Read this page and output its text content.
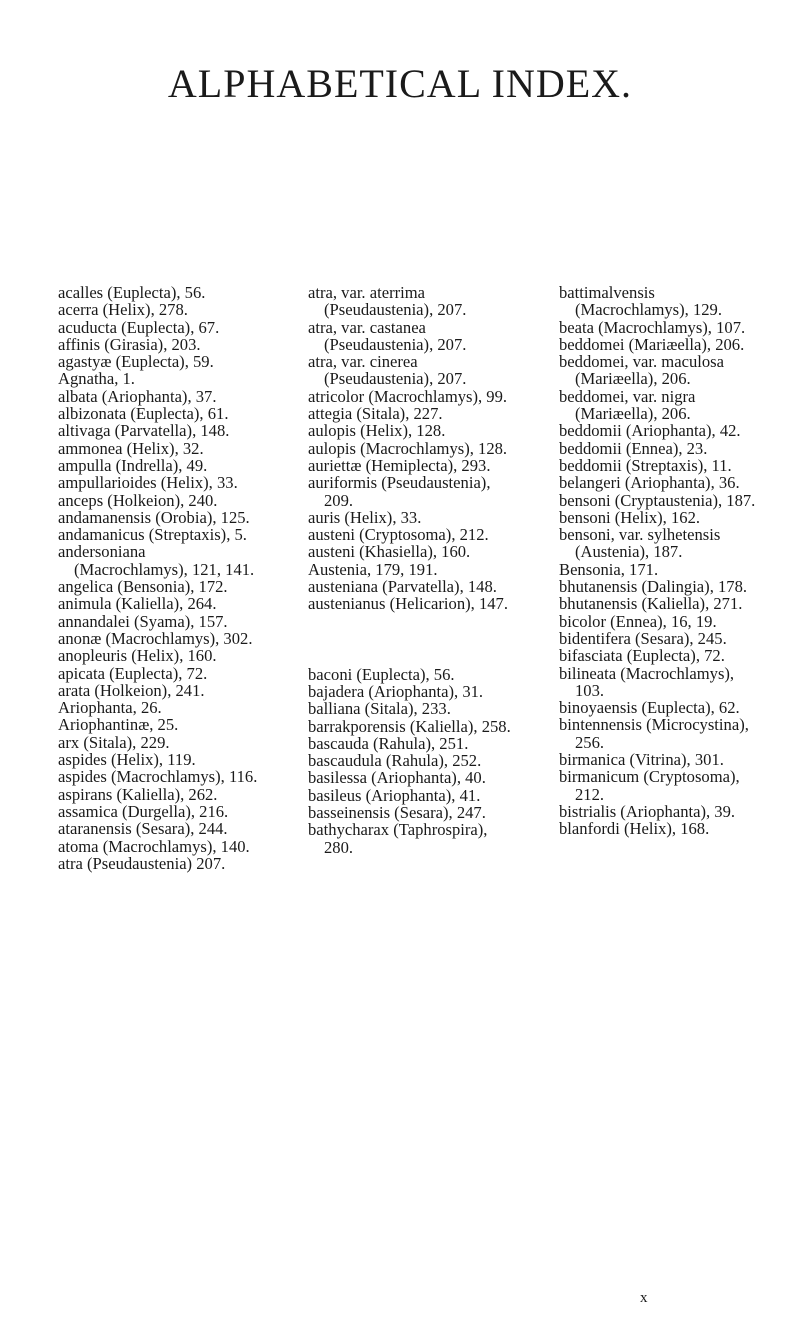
ALPHABETICAL INDEX.

acalles (Euplecta), 56.

acerra (Helix), 278.

acuducta (Euplecta), 67.

affinis (Girasia), 203.

agastyæ (Euplecta), 59.

Agnatha, 1.

albata (Ariophanta), 37.

albizonata (Euplecta), 61.

altivaga (Parvatella), 148.

ammonea (Helix), 32.

ampulla (Indrella), 49.

ampullarioides (Helix), 33.

anceps (Holkeion), 240.

andamanensis (Orobia), 125.

andamanicus (Streptaxis), 5.

andersoniana (Macrochlamys), 121, 141.

angelica (Bensonia), 172.

animula (Kaliella), 264.

annandalei (Syama), 157.

anonæ (Macrochlamys), 302.

anopleuris (Helix), 160.

apicata (Euplecta), 72.

arata (Holkeion), 241.

Ariophanta, 26.

Ariophantinæ, 25.

arx (Sitala), 229.

aspides (Helix), 119.

aspides (Macrochlamys), 116.

aspirans (Kaliella), 262.

assamica (Durgella), 216.

ataranensis (Sesara), 244.

atoma (Macrochlamys), 140.

atra (Pseudaustenia) 207.

atra, var. aterrima (Pseudaustenia), 207.

atra, var. castanea (Pseudaustenia), 207.

atra, var. cinerea (Pseudaustenia), 207.

atricolor (Macrochlamys), 99.

attegia (Sitala), 227.

aulopis (Helix), 128.

aulopis (Macrochlamys), 128.

auriettæ (Hemiplecta), 293.

auriformis (Pseudaustenia), 209.

auris (Helix), 33.

austeni (Cryptosoma), 212.

austeni (Khasiella), 160.

Austenia, 179, 191.

austeniana (Parvatella), 148.

austenianus (Helicarion), 147.

baconi (Euplecta), 56.

bajadera (Ariophanta), 31.

balliana (Sitala), 233.

barrakporensis (Kaliella), 258.

bascauda (Rahula), 251.

bascaudula (Rahula), 252.

basilessa (Ariophanta), 40.

basileus (Ariophanta), 41.

basseinensis (Sesara), 247.

bathycharax (Taphrospira), 280.

battimalvensis (Macrochlamys), 129.

beata (Macrochlamys), 107.

beddomei (Mariæella), 206.

beddomei, var. maculosa (Mariæella), 206.

beddomei, var. nigra (Mariæella), 206.

beddomii (Ariophanta), 42.

beddomii (Ennea), 23.

beddomii (Streptaxis), 11.

belangeri (Ariophanta), 36.

bensoni (Cryptaustenia), 187.

bensoni (Helix), 162.

bensoni, var. sylhetensis (Austenia), 187.

Bensonia, 171.

bhutanensis (Dalingia), 178.

bhutanensis (Kaliella), 271.

bicolor (Ennea), 16, 19.

bidentifera (Sesara), 245.

bifasciata (Euplecta), 72.

bilineata (Macrochlamys), 103.

binoyaensis (Euplecta), 62.

bintennensis (Microcystina), 256.

birmanica (Vitrina), 301.

birmanicum (Cryptosoma), 212.

bistrialis (Ariophanta), 39.

blanfordi (Helix), 168.

x
